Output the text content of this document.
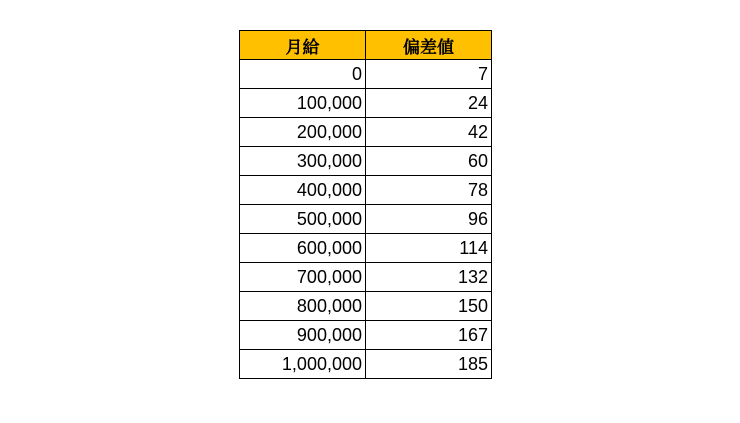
月給	偏差値
0	7
100,000	24
200,000	42
300,000	60
400,000	78
500,000	96
600,000	114
700,000	132
800,000	150
900,000	167
1,000,000	185
